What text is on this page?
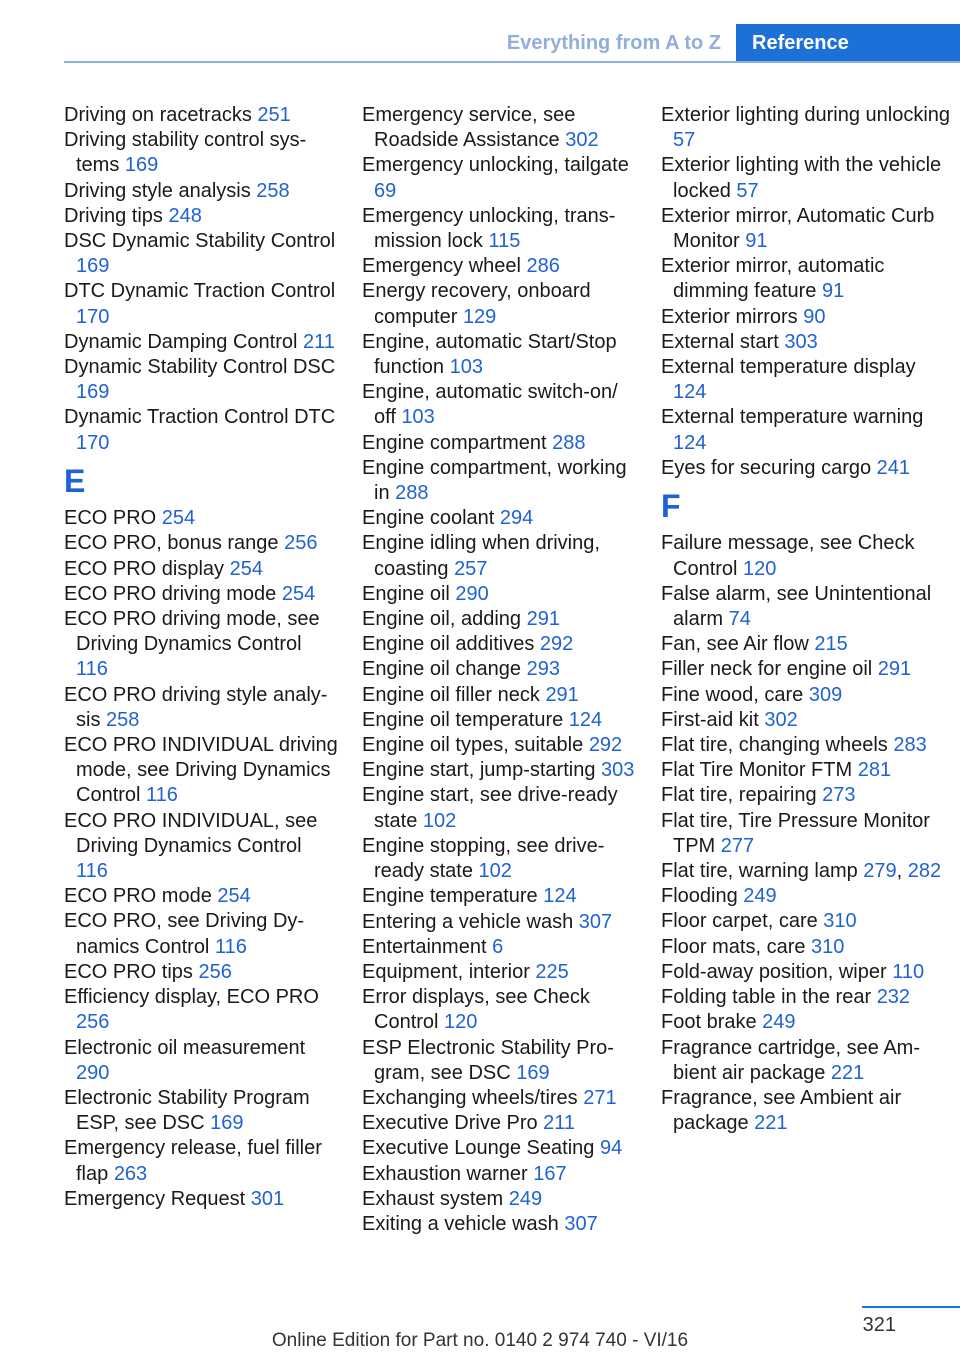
Everything from A to Z	Reference
Driving on racetracks 251
Driving stability control systems 169
Driving style analysis 258
Driving tips 248
DSC Dynamic Stability Control 169
DTC Dynamic Traction Control 170
Dynamic Damping Control 211
Dynamic Stability Control DSC 169
Dynamic Traction Control DTC 170
E
ECO PRO 254
ECO PRO, bonus range 256
ECO PRO display 254
ECO PRO driving mode 254
ECO PRO driving mode, see Driving Dynamics Control 116
ECO PRO driving style analysis 258
ECO PRO INDIVIDUAL driving mode, see Driving Dynamics Control 116
ECO PRO INDIVIDUAL, see Driving Dynamics Control 116
ECO PRO mode 254
ECO PRO, see Driving Dynamics Control 116
ECO PRO tips 256
Efficiency display, ECO PRO 256
Electronic oil measurement 290
Electronic Stability Program ESP, see DSC 169
Emergency release, fuel filler flap 263
Emergency Request 301
Emergency service, see Roadside Assistance 302
Emergency unlocking, tailgate 69
Emergency unlocking, transmission lock 115
Emergency wheel 286
Energy recovery, onboard computer 129
Engine, automatic Start/Stop function 103
Engine, automatic switch-on/​off 103
Engine compartment 288
Engine compartment, working in 288
Engine coolant 294
Engine idling when driving, coasting 257
Engine oil 290
Engine oil, adding 291
Engine oil additives 292
Engine oil change 293
Engine oil filler neck 291
Engine oil temperature 124
Engine oil types, suitable 292
Engine start, jump-starting 303
Engine start, see drive-ready state 102
Engine stopping, see drive-ready state 102
Engine temperature 124
Entering a vehicle wash 307
Entertainment 6
Equipment, interior 225
Error displays, see Check Control 120
ESP Electronic Stability Program, see DSC 169
Exchanging wheels/tires 271
Executive Drive Pro 211
Executive Lounge Seating 94
Exhaustion warner 167
Exhaust system 249
Exiting a vehicle wash 307
Exterior lighting during unlocking 57
Exterior lighting with the vehicle locked 57
Exterior mirror, Automatic Curb Monitor 91
Exterior mirror, automatic dimming feature 91
Exterior mirrors 90
External start 303
External temperature display 124
External temperature warning 124
Eyes for securing cargo 241
F
Failure message, see Check Control 120
False alarm, see Unintentional alarm 74
Fan, see Air flow 215
Filler neck for engine oil 291
Fine wood, care 309
First-aid kit 302
Flat tire, changing wheels 283
Flat Tire Monitor FTM 281
Flat tire, repairing 273
Flat tire, Tire Pressure Monitor TPM 277
Flat tire, warning lamp 279, 282
Flooding 249
Floor carpet, care 310
Floor mats, care 310
Fold-away position, wiper 110
Folding table in the rear 232
Foot brake 249
Fragrance cartridge, see Ambient air package 221
Fragrance, see Ambient air package 221
321
Online Edition for Part no. 0140 2 974 740 - VI/16
